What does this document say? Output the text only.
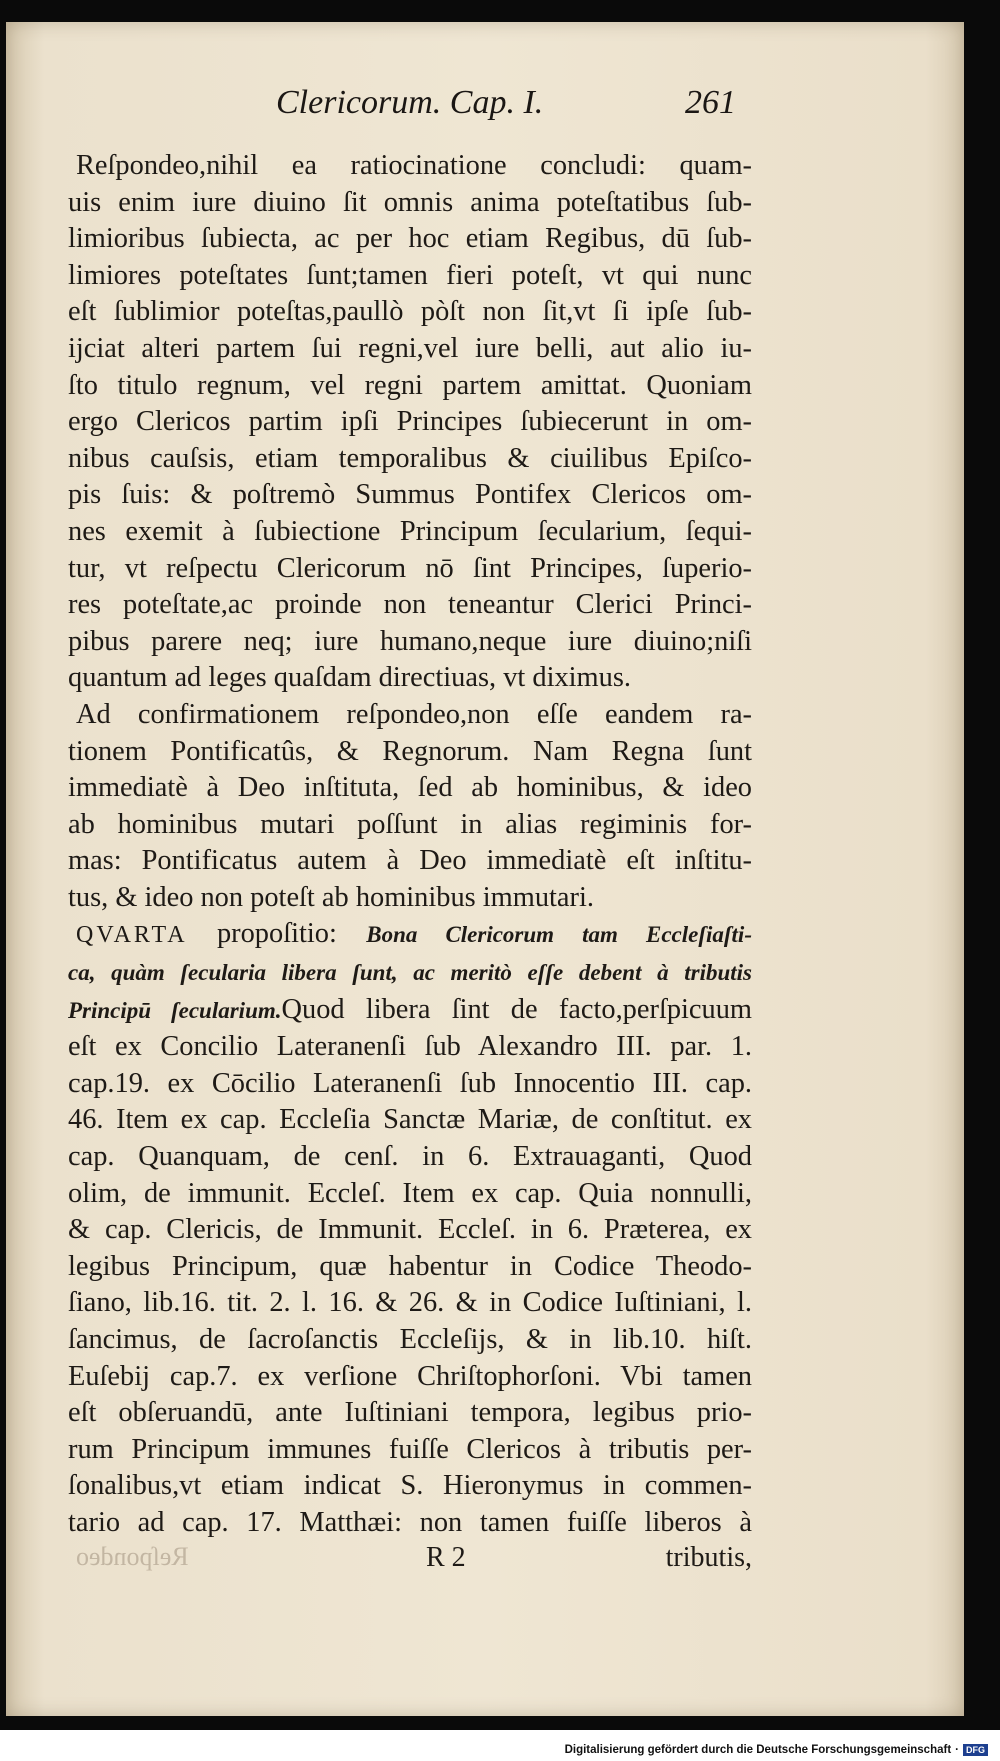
Clericorum. Cap. I.	261
Reſpondeo,nihil ea ratiocinatione concludi: quam-
uis enim iure diuino ſit omnis anima poteſtatibus ſub-
limioribus ſubiecta, ac per hoc etiam Regibus, dū ſub-
limiores poteſtates ſunt;tamen fieri poteſt, vt qui nunc
eſt ſublimior poteſtas,paullò pòſt non ſit,vt ſi ipſe ſub-
ijciat alteri partem ſui regni,vel iure belli, aut alio iu-
ſto titulo regnum, vel regni partem amittat. Quoniam
ergo Clericos partim ipſi Principes ſubiecerunt in om-
nibus cauſsis, etiam temporalibus & ciuilibus Epiſco-
pis ſuis: & poſtremò Summus Pontifex Clericos om-
nes exemit à ſubiectione Principum ſecularium, ſequi-
tur, vt reſpectu Clericorum nō ſint Principes, ſuperio-
res poteſtate,ac proinde non teneantur Clerici Princi-
pibus parere neq; iure humano,neque iure diuino;niſi
quantum ad leges quaſdam directiuas, vt diximus.
Ad confirmationem reſpondeo,non eſſe eandem ra-
tionem Pontificatûs, & Regnorum. Nam Regna ſunt
immediatè à Deo inſtituta, ſed ab hominibus, & ideo
ab hominibus mutari poſſunt in alias regiminis for-
mas: Pontificatus autem à Deo immediatè eſt inſtitu-
tus, & ideo non poteſt ab hominibus immutari.
QVARTA propoſitio: Bona Clericorum tam Eccleſiaſti-
ca, quàm ſecularia libera ſunt, ac meritò eſſe debent à tributis
Principū ſecularium.Quod libera ſint de facto,perſpicuum
eſt ex Concilio Lateranenſi ſub Alexandro III. par. 1.
cap.19. ex Cōcilio Lateranenſi ſub Innocentio III. cap.
46. Item ex cap. Eccleſia Sanctæ Mariæ, de conſtitut. ex
cap. Quanquam, de cenſ. in 6. Extrauaganti, Quod
olim, de immunit. Eccleſ. Item ex cap. Quia nonnulli,
& cap. Clericis, de Immunit. Eccleſ. in 6. Præterea, ex
legibus Principum, quæ habentur in Codice Theodo-
ſiano, lib.16. tit. 2. l. 16. & 26. & in Codice Iuſtiniani, l.
ſancimus, de ſacroſanctis Eccleſijs, & in lib.10. hiſt.
Euſebij cap.7. ex verſione Chriſtophorſoni. Vbi tamen
eſt obſeruandū, ante Iuſtiniani tempora, legibus prio-
rum Principum immunes fuiſſe Clericos à tributis per-
ſonalibus,vt etiam indicat S. Hieronymus in commen-
tario ad cap. 17. Matthæi: non tamen fuiſſe liberos à
Reſpondeo	R 2	tributis,
Digitalisierung gefördert durch die Deutsche Forschungsgemeinschaft · DFG
